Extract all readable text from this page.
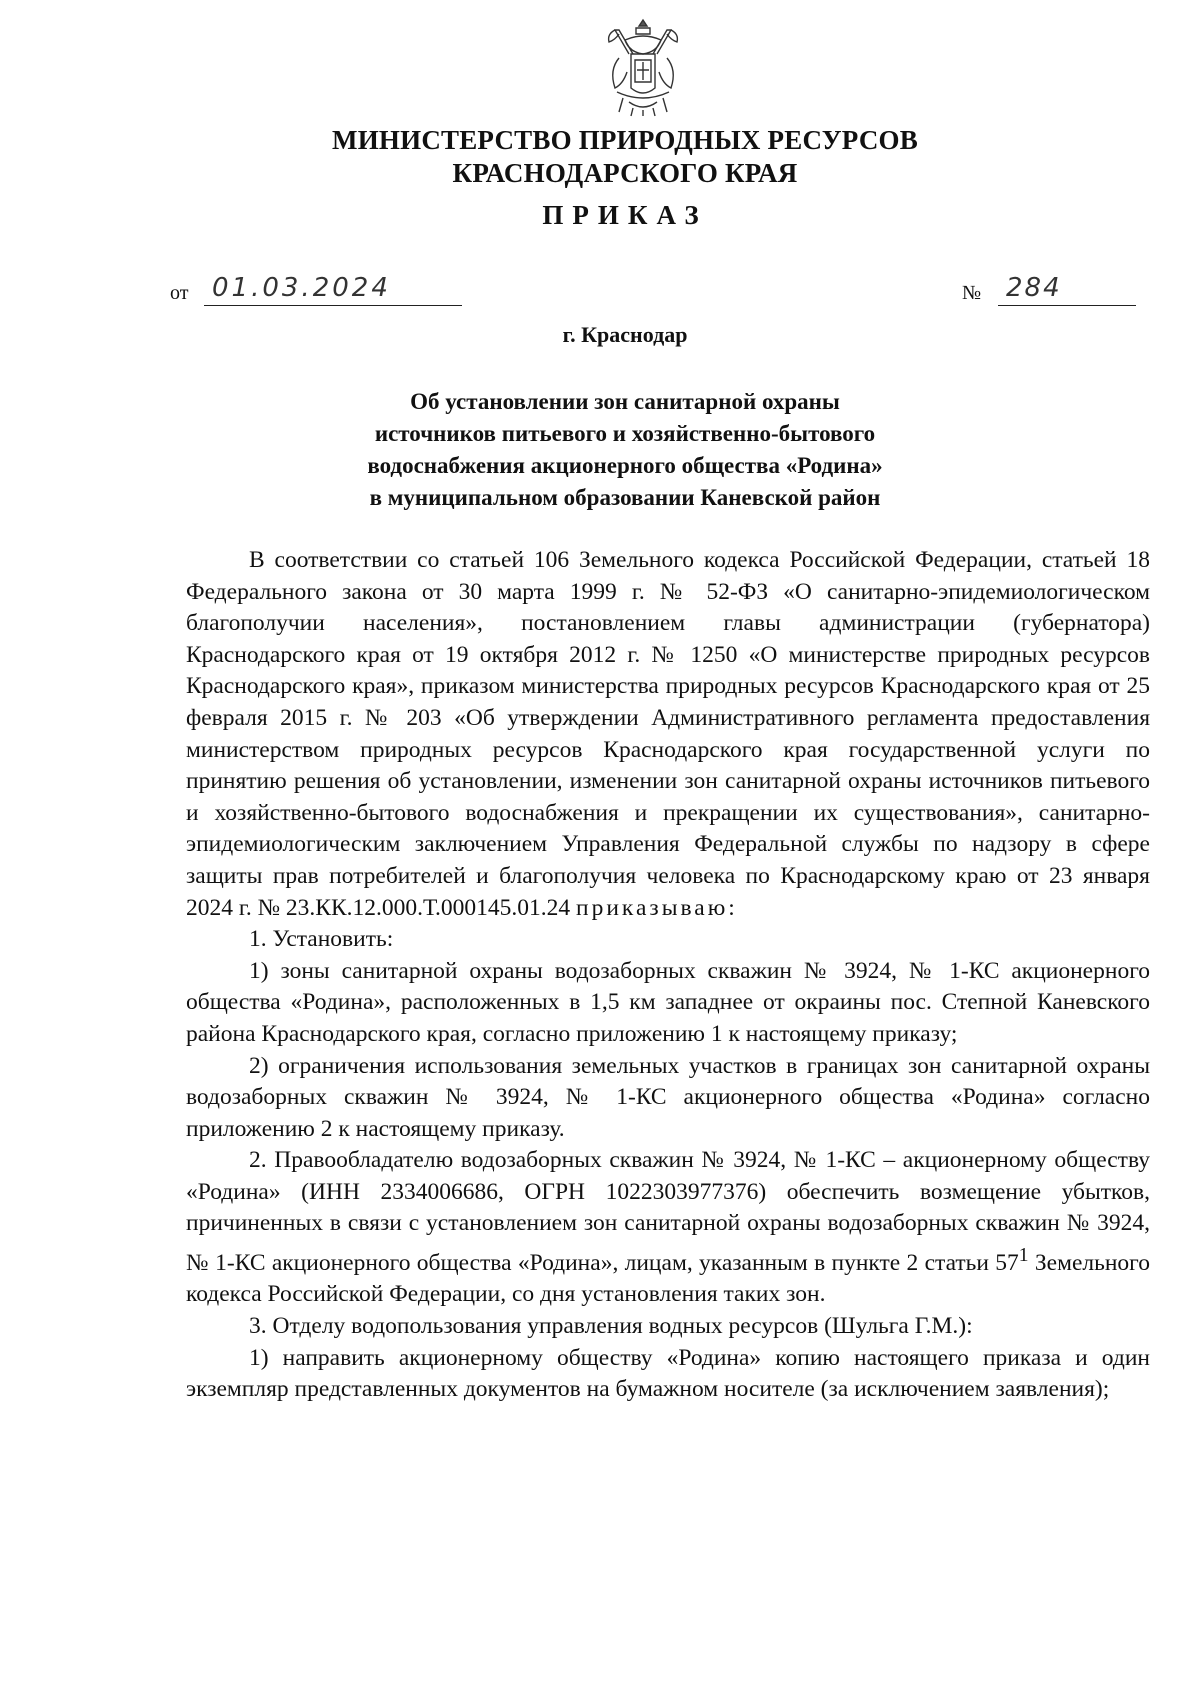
МИНИСТЕРСТВО ПРИРОДНЫХ РЕСУРСОВ
КРАСНОДАРСКОГО КРАЯ
ПРИКАЗ
от 01.03.2024	№ 284
г. Краснодар
Об установлении зон санитарной охраны
источников питьевого и хозяйственно-бытового
водоснабжения акционерного общества «Родина»
в муниципальном образовании Каневской район

В соответствии со статьей 106 Земельного кодекса Российской Федерации, статьей 18 Федерального закона от 30 марта 1999 г. № 52-ФЗ «О санитарно-эпидемиологическом благополучии населения», постановлением главы администрации (губернатора) Краснодарского края от 19 октября 2012 г. № 1250 «О министерстве природных ресурсов Краснодарского края», приказом министерства природных ресурсов Краснодарского края от 25 февраля 2015 г. № 203 «Об утверждении Административного регламента предоставления министерством природных ресурсов Краснодарского края государственной услуги по принятию решения об установлении, изменении зон санитарной охраны источников питьевого и хозяйственно-бытового водоснабжения и прекращении их существования», санитарно-эпидемиологическим заключением Управления Федеральной службы по надзору в сфере защиты прав потребителей и благополучия человека по Краснодарскому краю от 23 января 2024 г. № 23.КК.12.000.Т.000145.01.24 приказываю:

1. Установить:

1) зоны санитарной охраны водозаборных скважин № 3924, № 1-КС акционерного общества «Родина», расположенных в 1,5 км западнее от окраины пос. Степной Каневского района Краснодарского края, согласно приложению 1 к настоящему приказу;

2) ограничения использования земельных участков в границах зон санитарной охраны водозаборных скважин № 3924, № 1-КС акционерного общества «Родина» согласно приложению 2 к настоящему приказу.

2. Правообладателю водозаборных скважин № 3924, № 1-КС – акционерному обществу «Родина» (ИНН 2334006686, ОГРН 1022303977376) обеспечить возмещение убытков, причиненных в связи с установлением зон санитарной охраны водозаборных скважин № 3924, № 1-КС акционерного общества «Родина», лицам, указанным в пункте 2 статьи $57^1$ Земельного кодекса Российской Федерации, со дня установления таких зон.

3. Отделу водопользования управления водных ресурсов (Шульга Г.М.):

1) направить акционерному обществу «Родина» копию настоящего приказа и один экземпляр представленных документов на бумажном носителе (за исключением заявления);
